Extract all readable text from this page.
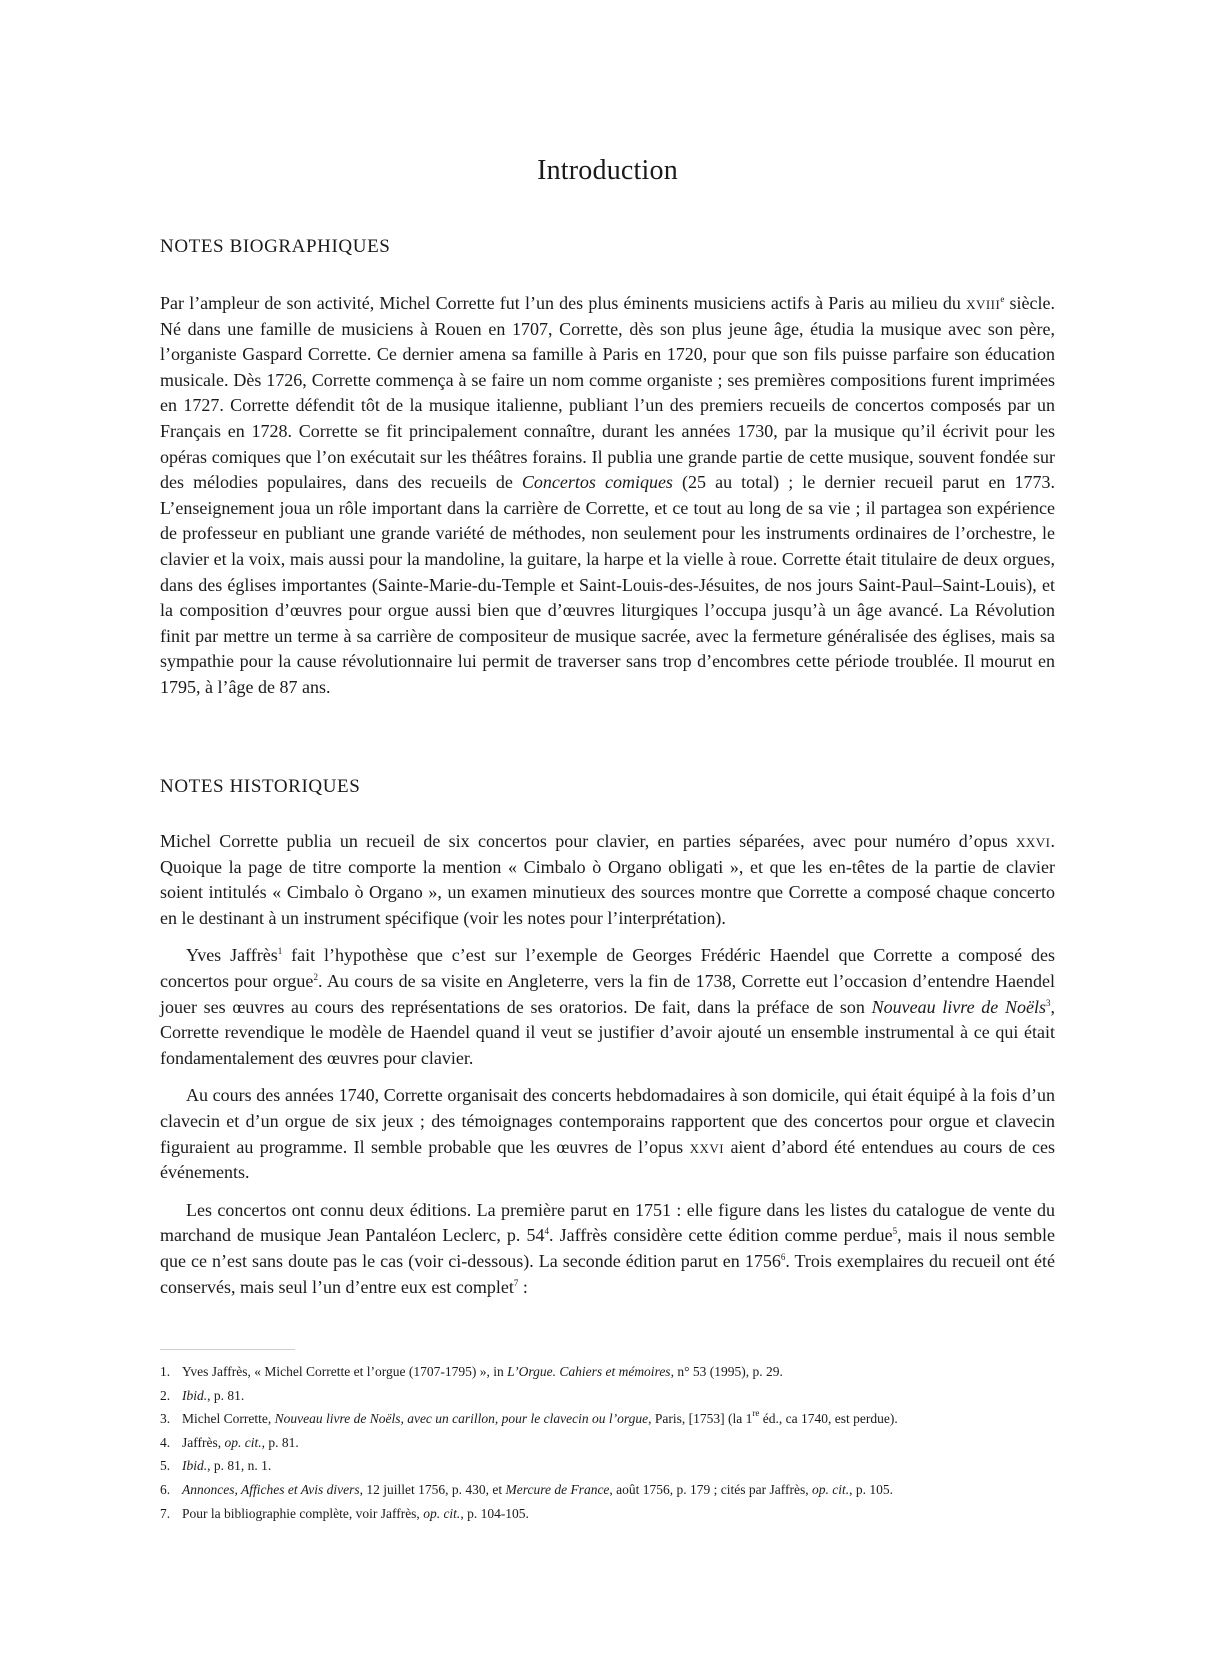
Introduction
NOTES BIOGRAPHIQUES
Par l’ampleur de son activité, Michel Corrette fut l’un des plus éminents musiciens actifs à Paris au milieu du xviii$^e$ siècle. Né dans une famille de musiciens à Rouen en 1707, Corrette, dès son plus jeune âge, étudia la musique avec son père, l’organiste Gaspard Corrette. Ce dernier amena sa famille à Paris en 1720, pour que son fils puisse parfaire son éducation musicale. Dès 1726, Corrette commença à se faire un nom comme organiste ; ses premières compositions furent imprimées en 1727. Corrette défendit tôt de la musique italienne, publiant l’un des premiers recueils de concertos composés par un Français en 1728. Corrette se fit principalement connaître, durant les années 1730, par la musique qu’il écrivit pour les opéras comiques que l’on exécutait sur les théâtres forains. Il publia une grande partie de cette musique, souvent fondée sur des mélodies populaires, dans des recueils de Concertos comiques (25 au total) ; le dernier recueil parut en 1773. L’enseignement joua un rôle important dans la carrière de Corrette, et ce tout au long de sa vie ; il partagea son expérience de professeur en publiant une grande variété de méthodes, non seulement pour les instruments ordinaires de l’orchestre, le clavier et la voix, mais aussi pour la mandoline, la guitare, la harpe et la vielle à roue. Corrette était titulaire de deux orgues, dans des églises importantes (Sainte-Marie-du-Temple et Saint-Louis-des-Jésuites, de nos jours Saint-Paul–Saint-Louis), et la composition d’œuvres pour orgue aussi bien que d’œuvres liturgiques l’occupa jusqu’à un âge avancé. La Révolution finit par mettre un terme à sa carrière de compositeur de musique sacrée, avec la fermeture généralisée des églises, mais sa sympathie pour la cause révolutionnaire lui permit de traverser sans trop d’encombres cette période troublée. Il mourut en 1795, à l’âge de 87 ans.
NOTES HISTORIQUES

Michel Corrette publia un recueil de six concertos pour clavier, en parties séparées, avec pour numéro d’opus xxvi. Quoique la page de titre comporte la mention « Cimbalo ò Organo obligati », et que les en-têtes de la partie de clavier soient intitulés « Cimbalo ò Organo », un examen minutieux des sources montre que Corrette a composé chaque concerto en le destinant à un instrument spécifique (voir les notes pour l’interprétation).

Yves Jaffrès$^1$ fait l’hypothèse que c’est sur l’exemple de Georges Frédéric Haendel que Corrette a composé des concertos pour orgue$^2$. Au cours de sa visite en Angleterre, vers la fin de 1738, Corrette eut l’occasion d’entendre Haendel jouer ses œuvres au cours des représentations de ses oratorios. De fait, dans la préface de son Nouveau livre de Noëls$^3$, Corrette revendique le modèle de Haendel quand il veut se justifier d’avoir ajouté un ensemble instrumental à ce qui était fondamentalement des œuvres pour clavier.

Au cours des années 1740, Corrette organisait des concerts hebdomadaires à son domicile, qui était équipé à la fois d’un clavecin et d’un orgue de six jeux ; des témoignages contemporains rapportent que des concertos pour orgue et clavecin figuraient au programme. Il semble probable que les œuvres de l’opus xxvi aient d’abord été entendues au cours de ces événements.

Les concertos ont connu deux éditions. La première parut en 1751 : elle figure dans les listes du catalogue de vente du marchand de musique Jean Pantaléon Leclerc, p. $54^4$. Jaffrès considère cette édition comme perdue$^5$, mais il nous semble que ce n’est sans doute pas le cas (voir ci-dessous). La seconde édition parut en 1756$^6$. Trois exemplaires du recueil ont été conservés, mais seul l’un d’entre eux est complet$^7$ :

1. Yves Jaffrès, « Michel Corrette et l’orgue (1707-1795) », in L’Orgue. Cahiers et mémoires, n° 53 (1995), p. 29.
2. Ibid., p. 81.
3. Michel Corrette, Nouveau livre de Noëls, avec un carillon, pour le clavecin ou l’orgue, Paris, [1753] (la 1re éd., ca 1740, est perdue).
4. Jaffrès, op. cit., p. 81.
5. Ibid., p. 81, n. 1.
6. Annonces, Affiches et Avis divers, 12 juillet 1756, p. 430, et Mercure de France, août 1756, p. 179 ; cités par Jaffrès, op. cit., p. 105.
7. Pour la bibliographie complète, voir Jaffrès, op. cit., p. 104-105.
